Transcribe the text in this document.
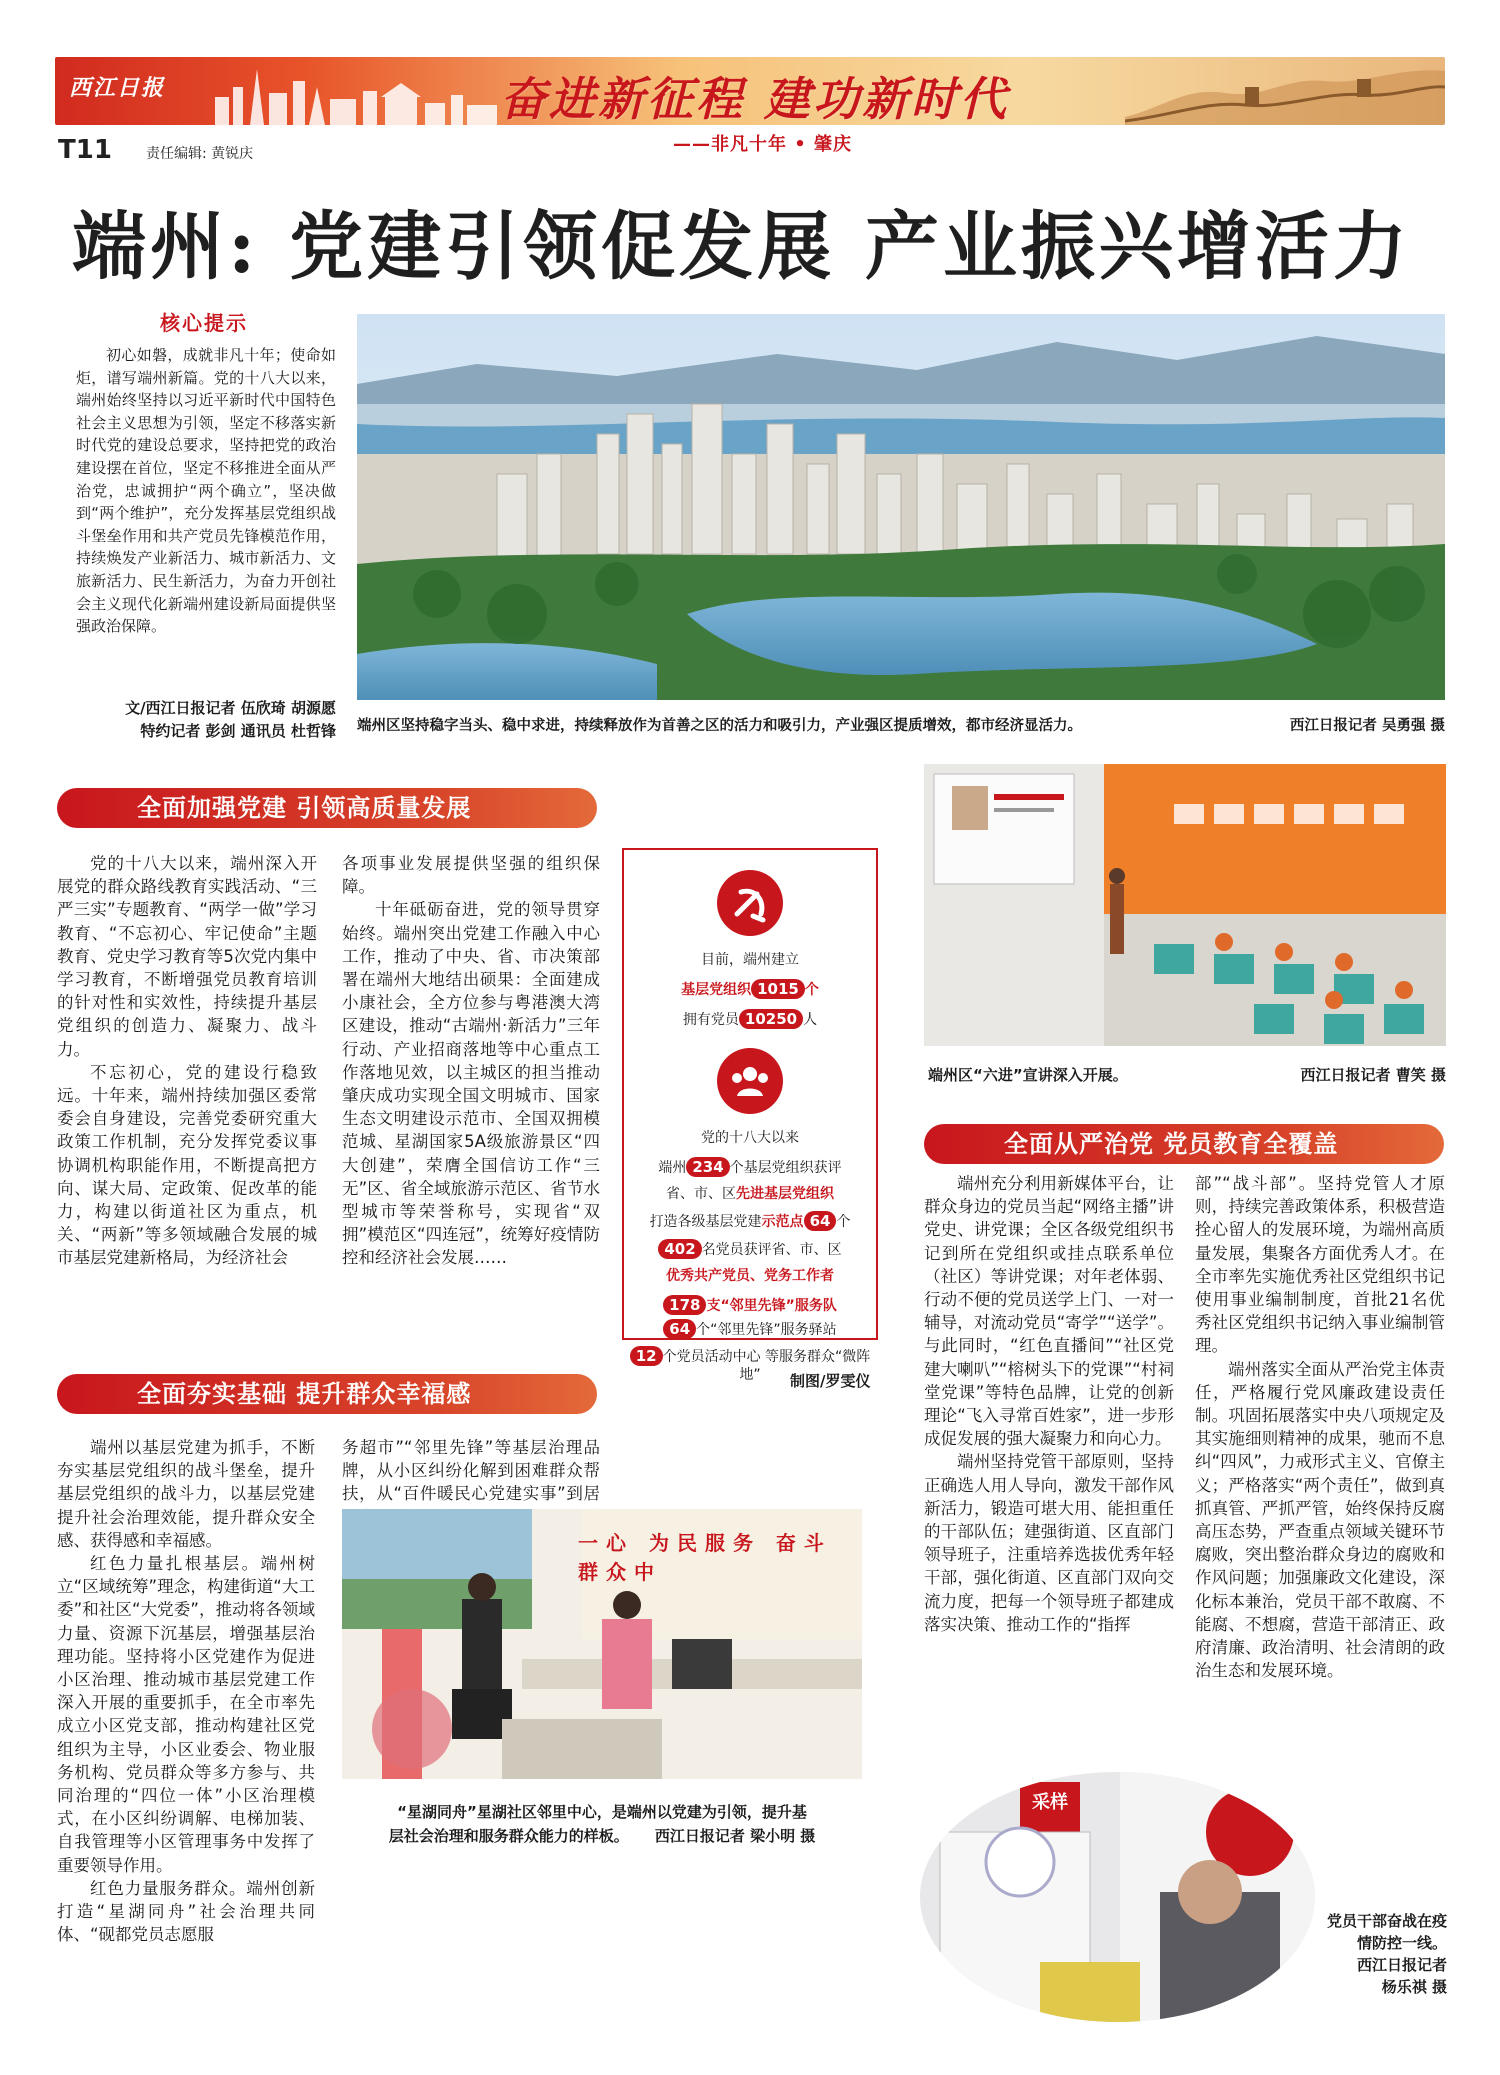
西江日报	奋进新征程 建功新时代
T11 责任编辑: 黄锐庆	——非凡十年 • 肇庆
端州: 党建引领促发展 产业振兴增活力
核心提示
初心如磐，成就非凡十年；使命如炬，谱写端州新篇。党的十八大以来，端州始终坚持以习近平新时代中国特色社会主义思想为引领，坚定不移落实新时代党的建设总要求，坚持把党的政治建设摆在首位，坚定不移推进全面从严治党，忠诚拥护“两个确立”，坚决做到“两个维护”，充分发挥基层党组织战斗堡垒作用和共产党员先锋模范作用，持续焕发产业新活力、城市新活力、文旅新活力、民生新活力，为奋力开创社会主义现代化新端州建设新局面提供坚强政治保障。
文/西江日报记者 伍欣琦 胡源愿
特约记者 彭剑 通讯员 杜哲锋 端州区坚持稳字当头、稳中求进，持续释放作为首善之区的活力和吸引力，产业强区提质增效，都市经济显活力。	西江日报记者 吴勇强 摄
全面加强党建 引领高质量发展

党的十八大以来，端州深入开展党的群众路线教育实践活动、“三严三实”专题教育、“两学一做”学习教育、“不忘初心、牢记使命”主题教育、党史学习教育等5次党内集中学习教育，不断增强党员教育培训的针对性和实效性，持续提升基层党组织的创造力、凝聚力、战斗力。

不忘初心，党的建设行稳致远。十年来，端州持续加强区委常委会自身建设，完善党委研究重大政策工作机制，充分发挥党委议事协调机构职能作用，不断提高把方向、谋大局、定政策、促改革的能力，构建以街道社区为重点，机关、“两新”等多领域融合发展的城市基层党建新格局，为经济社会

各项事业发展提供坚强的组织保障。

十年砥砺奋进，党的领导贯穿始终。端州突出党建工作融入中心工作，推动了中央、省、市决策部署在端州大地结出硕果：全面建成小康社会，全方位参与粤港澳大湾区建设，推动“古端州·新活力”三年行动、产业招商落地等中心重点工作落地见效，以主城区的担当推动肇庆成功实现全国文明城市、国家生态文明建设示范市、全国双拥模范城、星湖国家5A级旅游景区“四大创建”，荣膺全国信访工作“三无”区、省全域旅游示范区、省节水型城市等荣誉称号，实现省“双拥”模范区“四连冠”，统筹好疫情防控和经济社会发展……

目前，端州建立
基层党组织 1015 个
拥有党员 10250 人
党的十八大以来
端州 234 个基层党组织获评
省、市、区先进基层党组织
打造各级基层党建示范点 64 个
402 名党员获评省、市、区
优秀共产党员、党务工作者
178 支“邻里先锋”服务队
64 个“邻里先锋”服务驿站
端州区“六进”宣讲深入开展。	西江日报记者 曹笑 摄
全面从严治党 党员教育全覆盖

端州充分利用新媒体平台，让群众身边的党员当起“网络主播”讲党史、讲党课；全区各级党组织书记到所在党组织或挂点联系单位（社区）等讲党课；对年老体弱、行动不便的党员送学上门、一对一辅导，对流动党员“寄学”“送学”。与此同时，“红色直播间”“社区党建大喇叭”“榕树头下的党课”“村祠堂党课”等特色品牌，让党的创新理论“飞入寻常百姓家”，进一步形成促发展的强大凝聚力和向心力。

端州坚持党管干部原则，坚持正确选人用人导向，激发干部作风新活力，锻造可堪大用、能担重任的干部队伍；建强街道、区直部门领导班子，注重培养选拔优秀年轻干部，强化街道、区直部门双向交流力度，把每一个领导班子都建成落实决策、推动工作的“指挥

部”“战斗部”。坚持党管人才原则，持续完善政策体系，积极营造拴心留人的发展环境，为端州高质量发展，集聚各方面优秀人才。在全市率先实施优秀社区党组织书记使用事业编制制度，首批21名优秀社区党组织书记纳入事业编制管理。

端州落实全面从严治党主体责任，严格履行党风廉政建设责任制。巩固拓展落实中央八项规定及其实施细则精神的成果，驰而不息纠“四风”，力戒形式主义、官僚主义；严格落实“两个责任”，做到真抓真管、严抓严管，始终保持反腐高压态势，严查重点领域关键环节腐败，突出整治群众身边的腐败和作风问题；加强廉政文化建设，深化标本兼治，党员干部不敢腐、不能腐、不想腐，营造干部清正、政府清廉、政治清明、社会清朗的政治生态和发展环境。

全面夯实基础 提升群众幸福感

端州以基层党建为抓手，不断夯实基层党组织的战斗堡垒，提升基层党组织的战斗力，以基层党建提升社会治理效能，提升群众安全感、获得感和幸福感。

红色力量扎根基层。端州树立“区域统筹”理念，构建街道“大工委”和社区“大党委”，推动将各领域力量、资源下沉基层，增强基层治理功能。坚持将小区党建作为促进小区治理、推动城市基层党建工作深入开展的重要抓手，在全市率先成立小区党支部，推动构建社区党组织为主导，小区业委会、物业服务机构、党员群众等多方参与、共同治理的“四位一体”小区治理模式，在小区纠纷调解、电梯加装、自我管理等小区管理事务中发挥了重要领导作用。

红色力量服务群众。端州创新打造“星湖同舟”社会治理共同体、“砚都党员志愿服

务超市”“邻里先锋”等基层治理品牌，从小区纠纷化解到困难群众帮扶，从“百件暖民心党建实事”到居

一心 为民服务 奋斗群众中
“星湖同舟”星湖社区邻里中心，是端州以党建为引领，提升基
层社会治理和服务群众能力的样板。 西江日报记者 梁小明 摄
采样
党员干部奋战在疫情防控一线。
西江日报记者
杨乐祺 摄
制图/罗雯仪
12 个党员活动中心 等服务群众“微阵地”
